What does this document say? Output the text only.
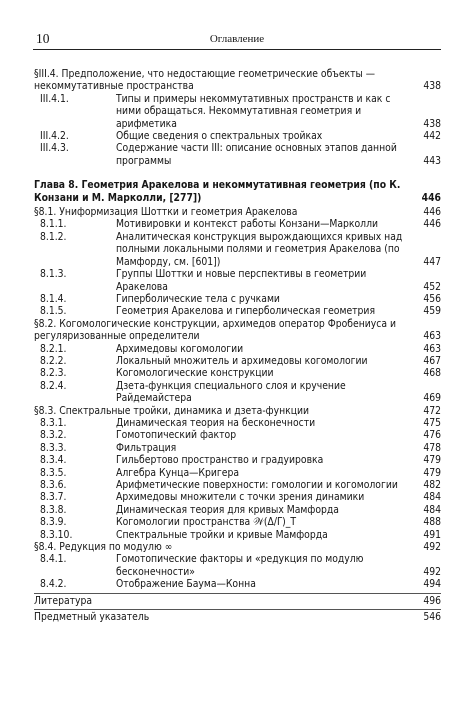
10	Оглавление
§III.4. Предположение, что недостающие геометрические объекты — некоммутативные пространства	438
III.4.1.	Типы и примеры некоммутативных пространств и как с ними обращаться. Некоммутативная геометрия и арифметика	438
III.4.2.	Общие сведения о спектральных тройках	442
III.4.3.	Содержание части III: описание основных этапов данной программы	443
Глава 8. Геометрия Аракелова и некоммутативная геометрия (по К. Конзани и М. Марколли, [277])	446
§8.1. Униформизация Шоттки и геометрия Аракелова	446
8.1.1.	Мотивировки и контекст работы Конзани—Марколли	446
8.1.2.	Аналитическая конструкция вырождающихся кривых над полными локальными полями и геометрия Аракелова (по Мамфорду, см. [601])	447
8.1.3.	Группы Шоттки и новые перспективы в геометрии Аракелова	452
8.1.4.	Гиперболические тела с ручками	456
8.1.5.	Геометрия Аракелова и гиперболическая геометрия	459
§8.2. Когомологические конструкции, архимедов оператор Фробениуса и регуляризованные определители	463
8.2.1.	Архимедовы когомологии	463
8.2.2.	Локальный множитель и архимедовы когомологии	467
8.2.3.	Когомологические конструкции	468
8.2.4.	Дзета-функция специального слоя и кручение Райдемайстера	469
§8.3. Спектральные тройки, динамика и дзета-функции	472
8.3.1.	Динамическая теория на бесконечности	475
8.3.2.	Гомотопический фактор	476
8.3.3.	Фильтрация	478
8.3.4.	Гильбертово пространство и градуировка	479
8.3.5.	Алгебра Кунца—Кригера	479
8.3.6.	Арифметические поверхности: гомологии и когомологии	482
8.3.7.	Архимедовы множители с точки зрения динамики	484
8.3.8.	Динамическая теория для кривых Мамфорда	484
8.3.9.	Когомологии пространства 𝒲(Δ/Γ)_T	488
8.3.10.	Спектральные тройки и кривые Мамфорда	491
§8.4. Редукция по модулю ∞	492
8.4.1.	Гомотопические факторы и «редукция по модулю бесконечности»	492
8.4.2.	Отображение Баума—Конна	494
Литература	496
Предметный указатель	546
